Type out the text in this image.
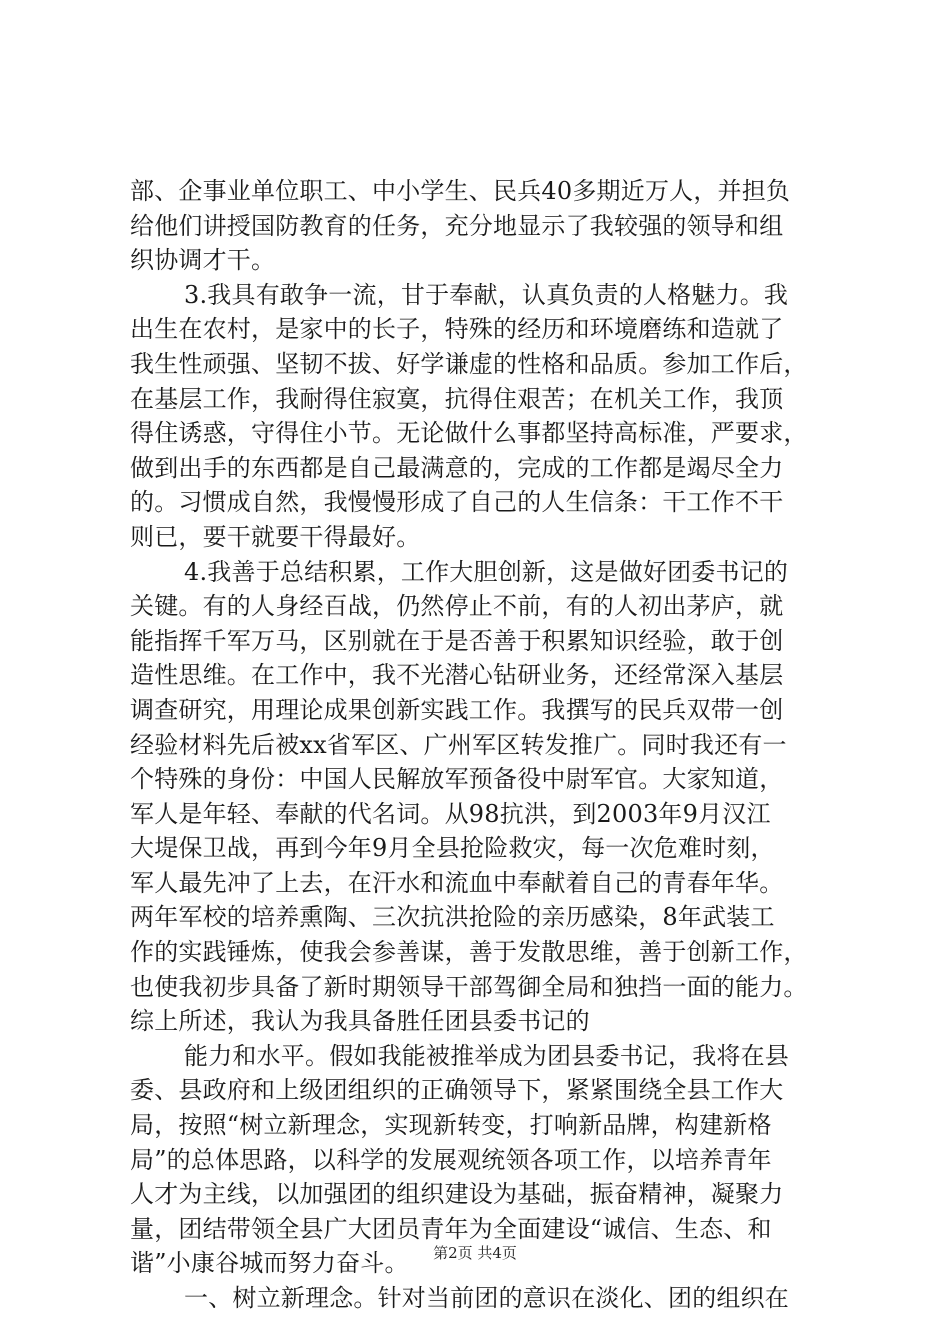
部、企事业单位职工、中小学生、民兵40多期近万人，并担负
给他们讲授国防教育的任务，充分地显示了我较强的领导和组
织协调才干。
3.我具有敢争一流，甘于奉献，认真负责的人格魅力。我
出生在农村，是家中的长子，特殊的经历和环境磨练和造就了
我生性顽强、坚韧不拔、好学谦虚的性格和品质。参加工作后，
在基层工作，我耐得住寂寞，抗得住艰苦；在机关工作，我顶
得住诱惑，守得住小节。无论做什么事都坚持高标准，严要求，
做到出手的东西都是自己最满意的，完成的工作都是竭尽全力
的。习惯成自然，我慢慢形成了自己的人生信条：干工作不干
则已，要干就要干得最好。
4.我善于总结积累，工作大胆创新，这是做好团委书记的
关键。有的人身经百战，仍然停止不前，有的人初出茅庐，就
能指挥千军万马，区别就在于是否善于积累知识经验，敢于创
造性思维。在工作中，我不光潜心钻研业务，还经常深入基层
调查研究，用理论成果创新实践工作。我撰写的民兵双带一创
经验材料先后被xx省军区、广州军区转发推广。同时我还有一
个特殊的身份：中国人民解放军预备役中尉军官。大家知道，
军人是年轻、奉献的代名词。从98抗洪，到2003年9月汉江
大堤保卫战，再到今年9月全县抢险救灾，每一次危难时刻，
军人最先冲了上去，在汗水和流血中奉献着自己的青春年华。
两年军校的培养熏陶、三次抗洪抢险的亲历感染，8年武装工
作的实践锤炼，使我会参善谋，善于发散思维，善于创新工作，
也使我初步具备了新时期领导干部驾御全局和独挡一面的能力。
综上所述，我认为我具备胜任团县委书记的
能力和水平。假如我能被推举成为团县委书记，我将在县
委、县政府和上级团组织的正确领导下，紧紧围绕全县工作大
局，按照“树立新理念，实现新转变，打响新品牌，构建新格
局”的总体思路，以科学的发展观统领各项工作，以培养青年
人才为主线，以加强团的组织建设为基础，振奋精神，凝聚力
量，团结带领全县广大团员青年为全面建设“诚信、生态、和
谐”小康谷城而努力奋斗。
一、树立新理念。针对当前团的意识在淡化、团的组织在
第2页 共4页
